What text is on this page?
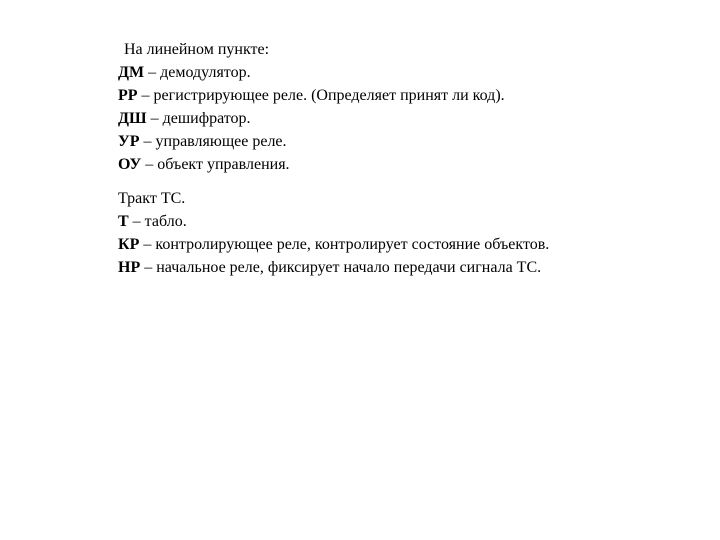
На линейном пункте:
ДМ – демодулятор.
РР – регистрирующее реле. (Определяет принят ли код).
ДШ – дешифратор.
УР – управляющее реле.
ОУ – объект управления.
Тракт ТС.
Т – табло.
КР – контролирующее реле, контролирует состояние объектов.
НР – начальное реле, фиксирует начало передачи сигнала ТС.
